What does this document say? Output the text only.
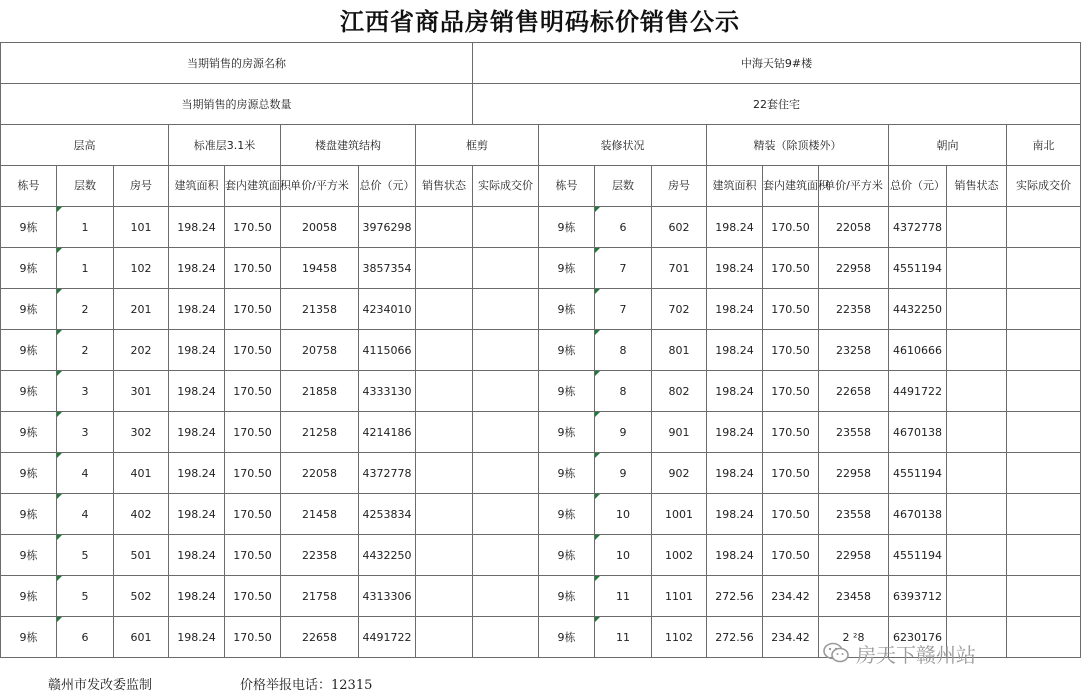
江西省商品房销售明码标价销售公示
当期销售的房源名称								中海天钻9#楼									
当期销售的房源总数量								22套住宅									
层高			标准层3.1米		楼盘建筑结构		框剪		装修状况			精装（除顶楼外）			朝向		南北
栋号	层数	房号	建筑面积	套内建筑面积	单价/平方米	总价（元）	销售状态	实际成交价	栋号	层数	房号	建筑面积	套内建筑面积	单价/平方米	总价（元）	销售状态	实际成交价
9栋	1	101	198.24	170.50	20058	3976298			9栋	6	602	198.24	170.50	22058	4372778		
9栋	1	102	198.24	170.50	19458	3857354			9栋	7	701	198.24	170.50	22958	4551194		
9栋	2	201	198.24	170.50	21358	4234010			9栋	7	702	198.24	170.50	22358	4432250		
9栋	2	202	198.24	170.50	20758	4115066			9栋	8	801	198.24	170.50	23258	4610666		
9栋	3	301	198.24	170.50	21858	4333130			9栋	8	802	198.24	170.50	22658	4491722		
9栋	3	302	198.24	170.50	21258	4214186			9栋	9	901	198.24	170.50	23558	4670138		
9栋	4	401	198.24	170.50	22058	4372778			9栋	9	902	198.24	170.50	22958	4551194		
9栋	4	402	198.24	170.50	21458	4253834			9栋	10	1001	198.24	170.50	23558	4670138		
9栋	5	501	198.24	170.50	22358	4432250			9栋	10	1002	198.24	170.50	22958	4551194		
9栋	5	502	198.24	170.50	21758	4313306			9栋	11	1101	272.56	234.42	23458	6393712		
9栋	6	601	198.24	170.50	22658	4491722			9栋	11	1102	272.56	234.42	2 ²8	6230176		
赣州市发改委监制	价格举报电话：12315
房天下赣州站
